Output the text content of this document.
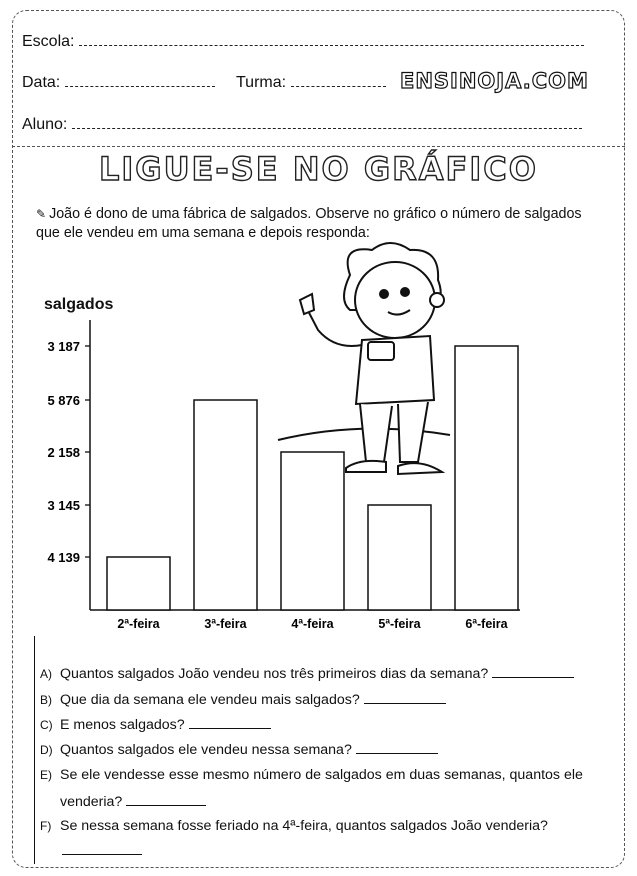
Escola:
Data:	Turma:	ENSINOJA.COM
Aluno:
LIGUE-SE NO GRÁFICO
✎ João é dono de uma fábrica de salgados. Observe no gráfico o número de salgados que ele vendeu em uma semana e depois responda:
salgados
3 187
5 876
2 158
3 145
4 139
2ª-feira	3ª-feira	4ª-feira	5ª-feira	6ª-feira
A) Quantos salgados João vendeu nos três primeiros dias da semana?
B) Que dia da semana ele vendeu mais salgados?
C) E menos salgados?
D) Quantos salgados ele vendeu nessa semana?
E) Se ele vendesse esse mesmo número de salgados em duas semanas, quantos ele
venderia?
F) Se nessa semana fosse feriado na 4ª-feira, quantos salgados João venderia?
